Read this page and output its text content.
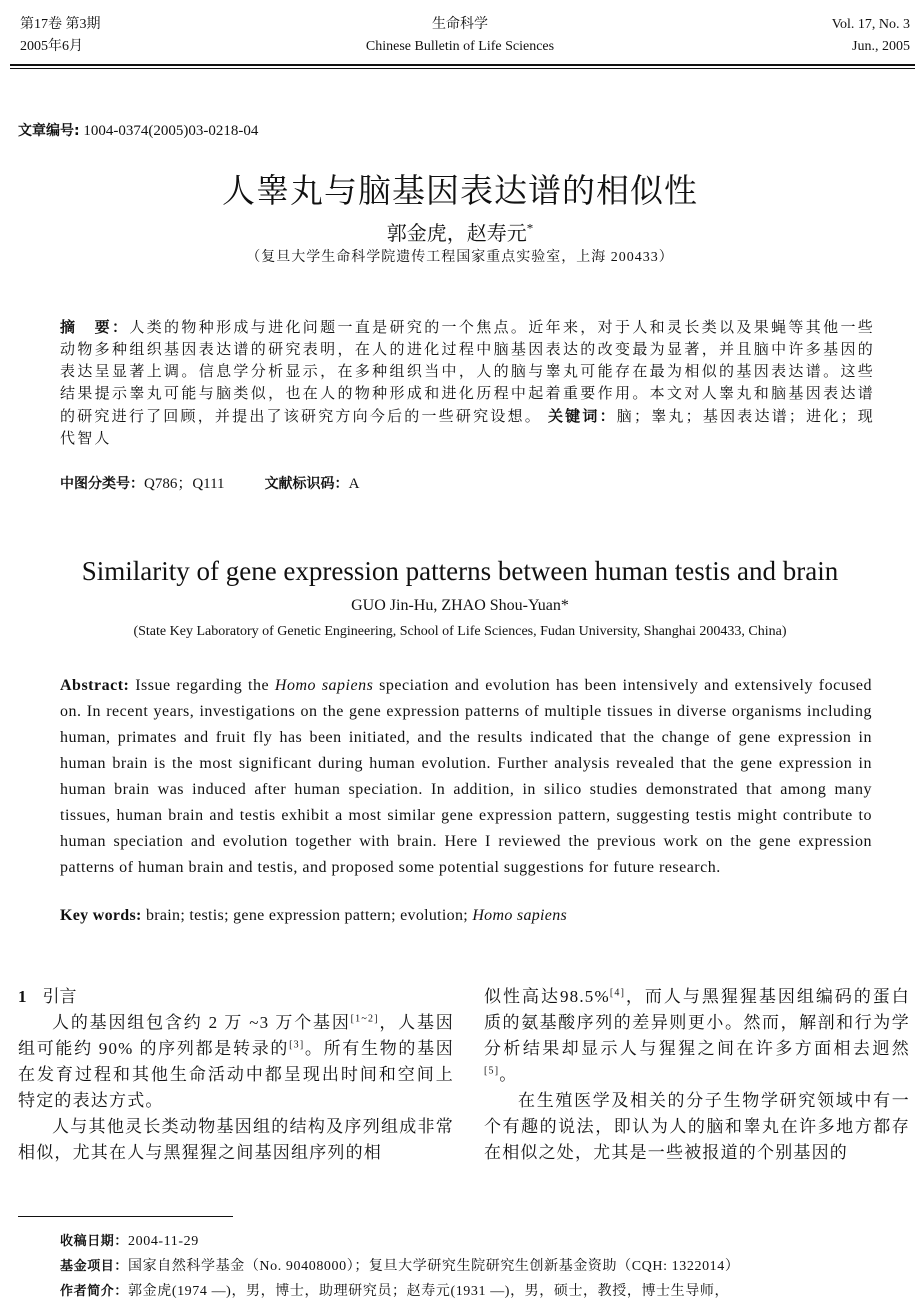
第17卷 第3期
2005年6月
生命科学
Chinese Bulletin of Life Sciences
Vol. 17, No. 3
Jun., 2005
文章编号: 1004-0374(2005)03-0218-04
人睾丸与脑基因表达谱的相似性
郭金虎，赵寿元*
（复旦大学生命科学院遗传工程国家重点实验室，上海 200433）
摘　要：人类的物种形成与进化问题一直是研究的一个焦点。近年来，对于人和灵长类以及果蝇等其他一些动物多种组织基因表达谱的研究表明，在人的进化过程中脑基因表达的改变最为显著，并且脑中许多基因的表达呈显著上调。信息学分析显示，在多种组织当中，人的脑与睾丸可能存在最为相似的基因表达谱。这些结果提示睾丸可能与脑类似，也在人的物种形成和进化历程中起着重要作用。本文对人睾丸和脑基因表达谱的研究进行了回顾，并提出了该研究方向今后的一些研究设想。 关键词：脑；睾丸；基因表达谱；进化；现代智人
中图分类号：Q786；Q111	文献标识码：A
Similarity of gene expression patterns between human testis and brain
GUO Jin-Hu, ZHAO Shou-Yuan*
(State Key Laboratory of Genetic Engineering, School of Life Sciences, Fudan University, Shanghai 200433, China)
Abstract: Issue regarding the Homo sapiens speciation and evolution has been intensively and extensively focused on. In recent years, investigations on the gene expression patterns of multiple tissues in diverse organisms including human, primates and fruit fly has been initiated, and the results indicated that the change of gene expression in human brain is the most significant during human evolution. Further analysis revealed that the gene expression in human brain was induced after human speciation. In addition, in silico studies demonstrated that among many tissues, human brain and testis exhibit a most similar gene expression pattern, suggesting testis might contribute to human speciation and evolution together with brain. Here I reviewed the previous work on the gene expression patterns of human brain and testis, and proposed some potential suggestions for future research.
Key words: brain; testis; gene expression pattern; evolution; Homo sapiens
1 引言

人的基因组包含约 2 万 ~3 万个基因[1~2]，人基因组可能约 90% 的序列都是转录的[3]。所有生物的基因在发育过程和其他生命活动中都呈现出时间和空间上特定的表达方式。

人与其他灵长类动物基因组的结构及序列组成非常相似，尤其在人与黑猩猩之间基因组序列的相

似性高达98.5%[4]，而人与黑猩猩基因组编码的蛋白质的氨基酸序列的差异则更小。然而，解剖和行为学分析结果却显示人与猩猩之间在许多方面相去迥然[5]。

在生殖医学及相关的分子生物学研究领域中有一个有趣的说法，即认为人的脑和睾丸在许多地方都存在相似之处，尤其是一些被报道的个别基因的

收稿日期：2004-11-29
基金项目：国家自然科学基金（No. 90408000）；复旦大学研究生院研究生创新基金资助（CQH: 1322014）
作者简介：郭金虎(1974 —)，男，博士，助理研究员；赵寿元(1931 —)，男，硕士，教授，博士生导师，
